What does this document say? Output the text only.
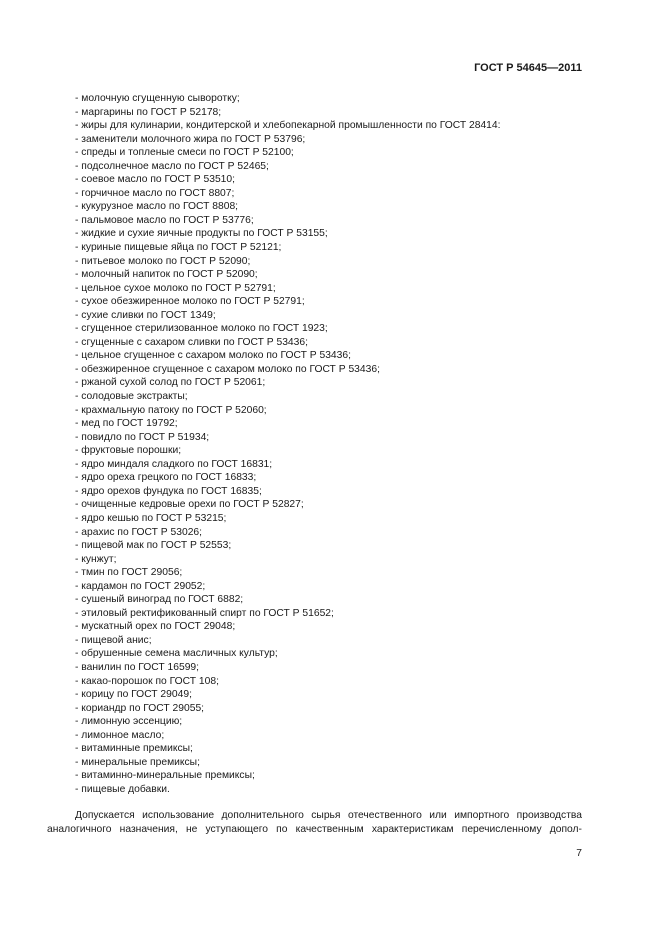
ГОСТ Р 54645—2011
- молочную сгущенную сыворотку;
- маргарины по ГОСТ Р 52178;
- жиры для кулинарии, кондитерской и хлебопекарной промышленности по ГОСТ 28414:
- заменители молочного жира по ГОСТ Р 53796;
- спреды и топленые смеси по ГОСТ Р 52100;
- подсолнечное масло по ГОСТ Р 52465;
- соевое масло по ГОСТ Р 53510;
- горчичное масло по ГОСТ 8807;
- кукурузное масло по ГОСТ 8808;
- пальмовое масло по ГОСТ Р 53776;
- жидкие и сухие яичные продукты по ГОСТ Р 53155;
- куриные пищевые яйца по ГОСТ Р 52121;
- питьевое молоко по ГОСТ Р 52090;
- молочный напиток по ГОСТ Р 52090;
- цельное сухое молоко по ГОСТ Р 52791;
- сухое обезжиренное молоко по ГОСТ Р 52791;
- сухие сливки по ГОСТ 1349;
- сгущенное стерилизованное молоко по ГОСТ 1923;
- сгущенные с сахаром сливки по ГОСТ Р 53436;
- цельное сгущенное с сахаром молоко по ГОСТ Р 53436;
- обезжиренное сгущенное с сахаром молоко по ГОСТ Р 53436;
- ржаной сухой солод по ГОСТ Р 52061;
- солодовые экстракты;
- крахмальную патоку по ГОСТ Р 52060;
- мед по ГОСТ 19792;
- повидло по ГОСТ Р 51934;
- фруктовые порошки;
- ядро миндаля сладкого по ГОСТ 16831;
- ядро ореха грецкого по ГОСТ 16833;
- ядро орехов фундука по ГОСТ 16835;
- очищенные кедровые орехи по ГОСТ Р 52827;
- ядро кешью по ГОСТ Р 53215;
- арахис по ГОСТ Р 53026;
- пищевой мак по ГОСТ Р 52553;
- кунжут;
- тмин по ГОСТ 29056;
- кардамон по ГОСТ 29052;
- сушеный виноград по ГОСТ 6882;
- этиловый ректификованный спирт по ГОСТ Р 51652;
- мускатный орех по ГОСТ 29048;
- пищевой анис;
- обрушенные семена масличных культур;
- ванилин по ГОСТ 16599;
- какао-порошок по ГОСТ 108;
- корицу по ГОСТ 29049;
- кориандр по ГОСТ 29055;
- лимонную эссенцию;
- лимонное масло;
- витаминные премиксы;
- минеральные премиксы;
- витаминно-минеральные премиксы;
- пищевые добавки.
Допускается использование дополнительного сырья отечественного или импортного производства
аналогичного назначения, не уступающего по качественным характеристикам перечисленному допол-
7
